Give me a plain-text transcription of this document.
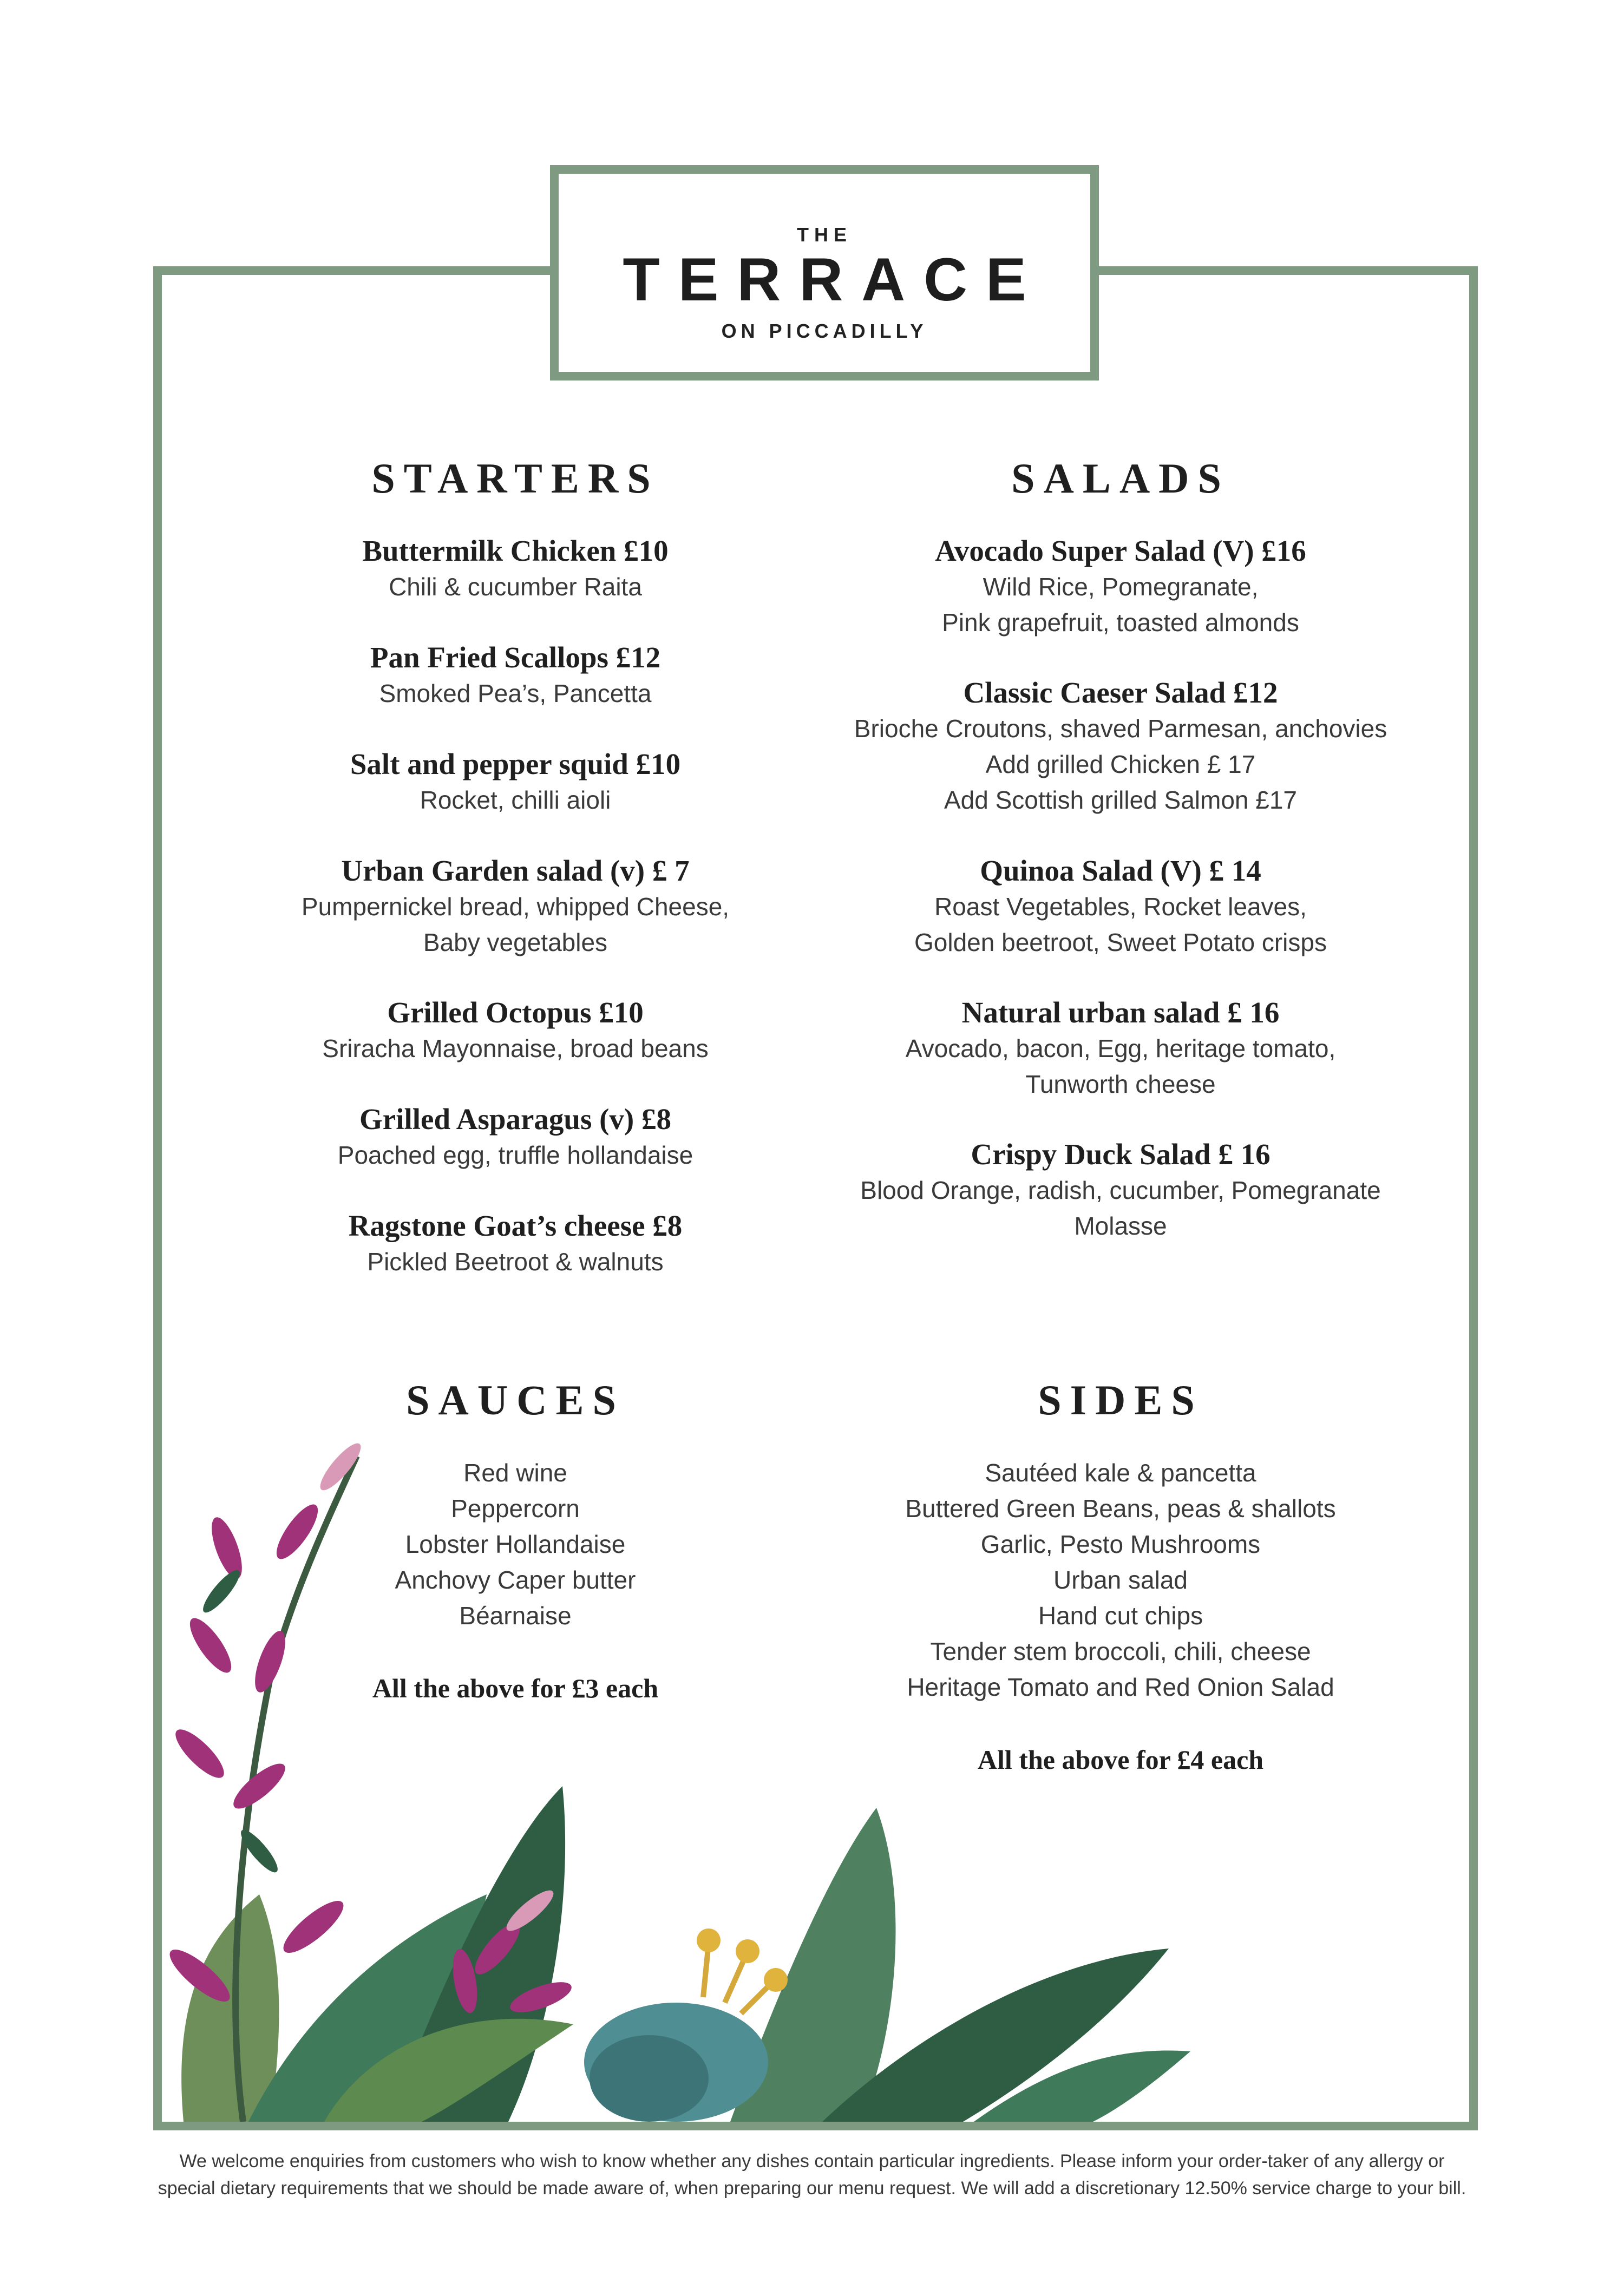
THE
TERRACE
ON PICCADILLY
STARTERS
Buttermilk Chicken £10
Chili & cucumber Raita
Pan Fried Scallops £12
Smoked Pea’s, Pancetta
Salt and pepper squid £10
Rocket, chilli aioli
Urban Garden salad (v) £ 7
Pumpernickel bread, whipped Cheese,
Baby vegetables
Grilled Octopus £10
Sriracha Mayonnaise, broad beans
Grilled Asparagus (v) £8
Poached egg, truffle hollandaise
Ragstone Goat’s cheese £8
Pickled Beetroot & walnuts
SALADS
Avocado Super Salad (V) £16
Wild Rice, Pomegranate,
Pink grapefruit, toasted almonds
Classic Caeser Salad £12
Brioche Croutons, shaved Parmesan, anchovies
Add grilled Chicken £ 17
Add Scottish grilled Salmon £17
Quinoa Salad (V) £ 14
Roast Vegetables, Rocket leaves,
Golden beetroot, Sweet Potato crisps
Natural urban salad £ 16
Avocado, bacon, Egg, heritage tomato,
Tunworth cheese
Crispy Duck Salad £ 16
Blood Orange, radish, cucumber, Pomegranate
Molasse
SAUCES
Red wine
Peppercorn
Lobster Hollandaise
Anchovy Caper butter
Béarnaise
All the above for £3 each
SIDES
Sautéed kale & pancetta
Buttered Green Beans, peas & shallots
Garlic, Pesto Mushrooms
Urban salad
Hand cut chips
Tender stem broccoli, chili, cheese
Heritage Tomato and Red Onion Salad
All the above for £4 each
We welcome enquiries from customers who wish to know whether any dishes contain particular ingredients. Please inform your order-taker of any allergy or
special dietary requirements that we should be made aware of, when preparing our menu request. We will add a discretionary 12.50% service charge to your bill.
